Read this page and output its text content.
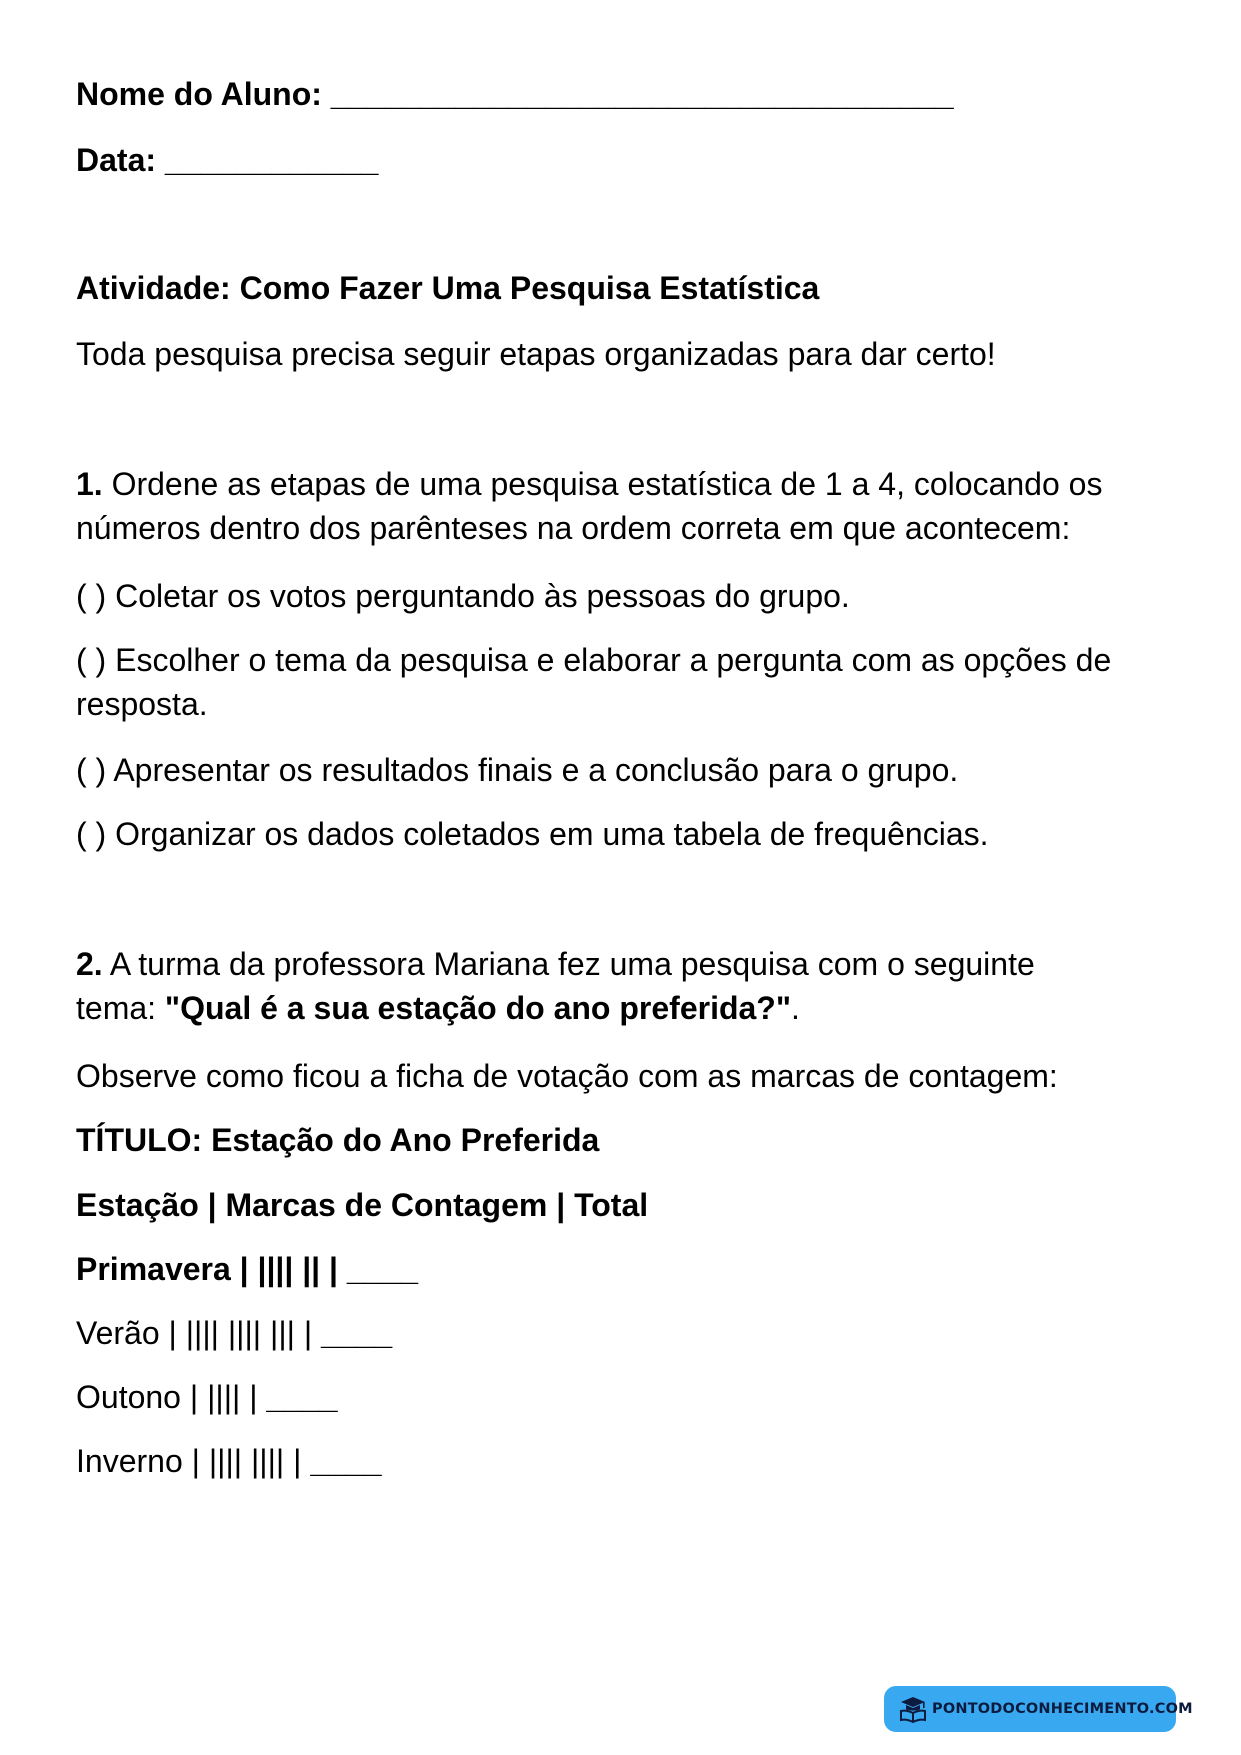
Nome do Aluno: ___________________________________
Data: ____________
Atividade: Como Fazer Uma Pesquisa Estatística
Toda pesquisa precisa seguir etapas organizadas para dar certo!
1. Ordene as etapas de uma pesquisa estatística de 1 a 4, colocando os números dentro dos parênteses na ordem correta em que acontecem:
( ) Coletar os votos perguntando às pessoas do grupo.
( ) Escolher o tema da pesquisa e elaborar a pergunta com as opções de resposta.
( ) Apresentar os resultados finais e a conclusão para o grupo.
( ) Organizar os dados coletados em uma tabela de frequências.
2. A turma da professora Mariana fez uma pesquisa com o seguinte tema: "Qual é a sua estação do ano preferida?".
Observe como ficou a ficha de votação com as marcas de contagem:
TÍTULO: Estação do Ano Preferida
Estação | Marcas de Contagem | Total
Primavera | |||| || | ____
Verão | |||| |||| ||| | ____
Outono | |||| | ____
Inverno | |||| |||| | ____
PONTODOCONHECIMENTO.COM
